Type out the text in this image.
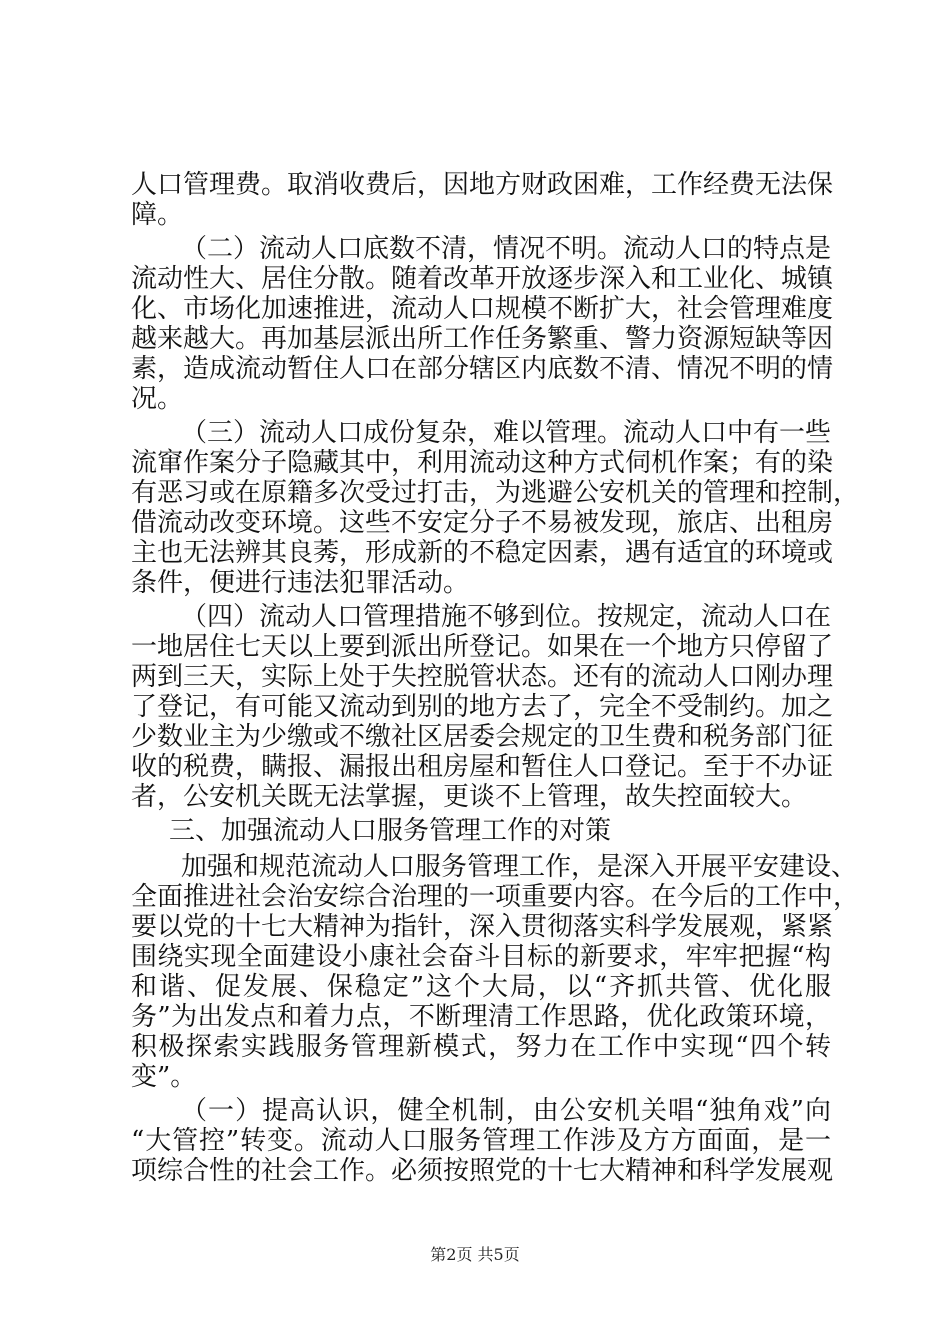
人口管理费。取消收费后，因地方财政困难，工作经费无法保
障。
（二）流动人口底数不清，情况不明。流动人口的特点是
流动性大、居住分散。随着改革开放逐步深入和工业化、城镇
化、市场化加速推进，流动人口规模不断扩大，社会管理难度
越来越大。再加基层派出所工作任务繁重、警力资源短缺等因
素，造成流动暂住人口在部分辖区内底数不清、情况不明的情
况。
（三）流动人口成份复杂，难以管理。流动人口中有一些
流窜作案分子隐藏其中，利用流动这种方式伺机作案；有的染
有恶习或在原籍多次受过打击，为逃避公安机关的管理和控制，
借流动改变环境。这些不安定分子不易被发现，旅店、出租房
主也无法辨其良莠，形成新的不稳定因素，遇有适宜的环境或
条件，便进行违法犯罪活动。
（四）流动人口管理措施不够到位。按规定，流动人口在
一地居住七天以上要到派出所登记。如果在一个地方只停留了
两到三天，实际上处于失控脱管状态。还有的流动人口刚办理
了登记，有可能又流动到别的地方去了，完全不受制约。加之
少数业主为少缴或不缴社区居委会规定的卫生费和税务部门征
收的税费，瞒报、漏报出租房屋和暂住人口登记。至于不办证
者，公安机关既无法掌握，更谈不上管理，故失控面较大。
三、加强流动人口服务管理工作的对策
加强和规范流动人口服务管理工作，是深入开展平安建设、
全面推进社会治安综合治理的一项重要内容。在今后的工作中，
要以党的十七大精神为指针，深入贯彻落实科学发展观，紧紧
围绕实现全面建设小康社会奋斗目标的新要求，牢牢把握“构
和谐、促发展、保稳定”这个大局，以“齐抓共管、优化服
务”为出发点和着力点，不断理清工作思路，优化政策环境，
积极探索实践服务管理新模式，努力在工作中实现“四个转
变”。
（一）提高认识，健全机制，由公安机关唱“独角戏”向
“大管控”转变。流动人口服务管理工作涉及方方面面，是一
项综合性的社会工作。必须按照党的十七大精神和科学发展观
第2页 共5页
